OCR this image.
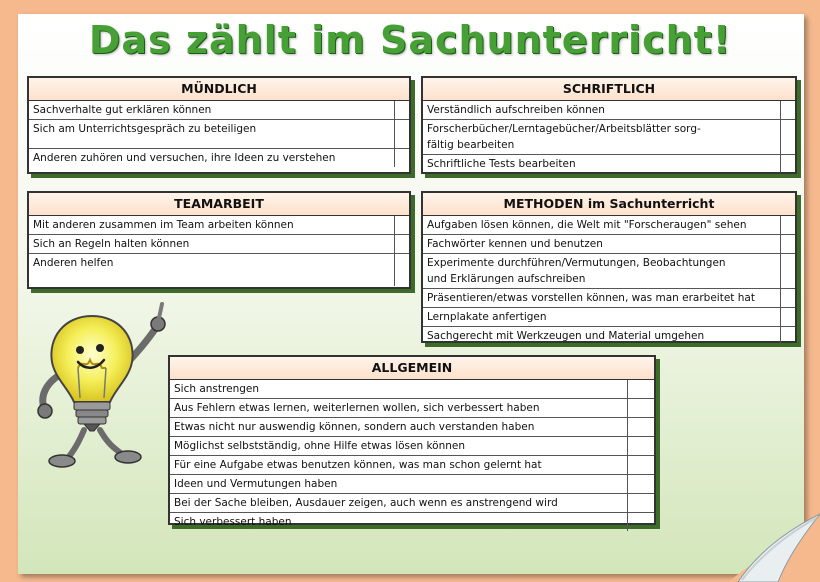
Das zählt im Sachunterricht!
MÜNDLICH
Sachverhalte gut erklären können	
Sich am Unterrichtsgespräch zu beteiligen	
Anderen zuhören und versuchen, ihre Ideen zu verstehen	
SCHRIFTLICH
Verständlich aufschreiben können	
Forscherbücher/Lerntagebücher/Arbeitsblätter sorg-	
fältig bearbeiten	
Schriftliche Tests bearbeiten	
TEAMARBEIT
Mit anderen zusammen im Team arbeiten können	
Sich an Regeln halten können	
Anderen helfen	
METHODEN im Sachunterricht
Aufgaben lösen können, die Welt mit "Forscheraugen" sehen	
Fachwörter kennen und benutzen	
Experimente durchführen/Vermutungen, Beobachtungen	
und Erklärungen aufschreiben	
Präsentieren/etwas vorstellen können, was man erarbeitet hat	
Lernplakate anfertigen	
Sachgerecht mit Werkzeugen und Material umgehen	
ALLGEMEIN
Sich anstrengen	
Aus Fehlern etwas lernen, weiterlernen wollen, sich verbessert haben	
Etwas nicht nur auswendig können, sondern auch verstanden haben	
Möglichst selbstständig, ohne Hilfe etwas lösen können	
Für eine Aufgabe etwas benutzen können, was man schon gelernt hat	
Ideen und Vermutungen haben	
Bei der Sache bleiben, Ausdauer zeigen, auch wenn es anstrengend wird	
Sich verbessert haben	
